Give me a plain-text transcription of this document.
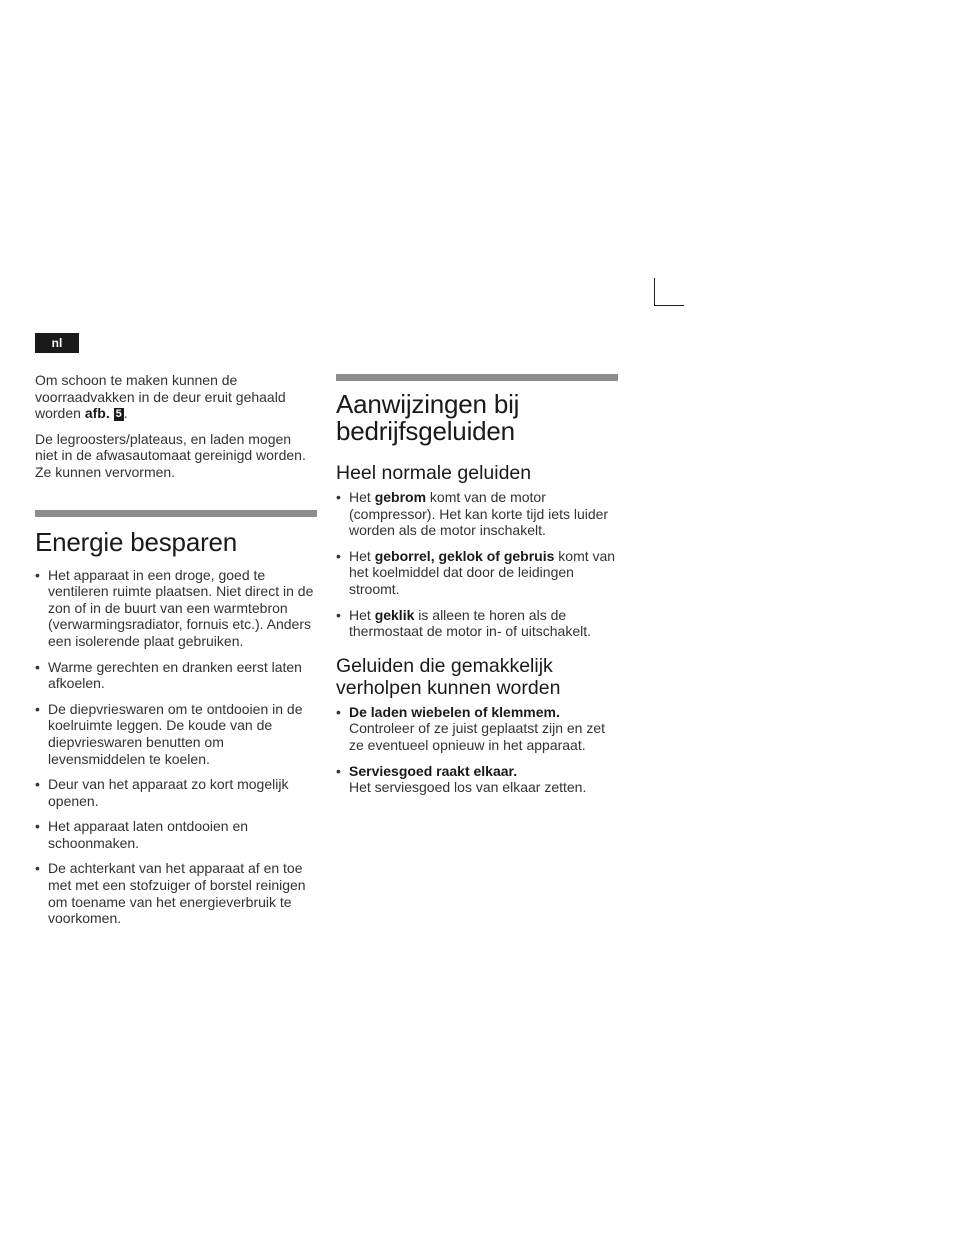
nl

Om schoon te maken kunnen de voorraadvakken in de deur eruit gehaald worden afb. 5 .

De legroosters/plateaus, en laden mogen niet in de afwasautomaat gereinigd worden. Ze kunnen vervormen.

Energie besparen
• Het apparaat in een droge, goed te ventileren ruimte plaatsen. Niet direct in de zon of in de buurt van een warmtebron (verwarmingsradiator, fornuis etc.). Anders een isolerende plaat gebruiken.
• Warme gerechten en dranken eerst laten afkoelen.
• De diepvrieswaren om te ontdooien in de koelruimte leggen. De koude van de diepvrieswaren benutten om levensmiddelen te koelen.
• Deur van het apparaat zo kort mogelijk openen.
• Het apparaat laten ontdooien en schoonmaken.
• De achterkant van het apparaat af en toe met met een stofzuiger of borstel reinigen om toename van het energieverbruik te voorkomen.
Aanwijzingen bij bedrijfsgeluiden
Heel normale geluiden
• Het gebrom komt van de motor (compressor). Het kan korte tijd iets luider worden als de motor inschakelt.
• Het geborrel, geklok of gebruis komt van het koelmiddel dat door de leidingen stroomt.
• Het geklik is alleen te horen als de thermostaat de motor in- of uitschakelt.
Geluiden die gemakkelijk verholpen kunnen worden
• De laden wiebelen of klemmem.
Controleer of ze juist geplaatst zijn en zet ze eventueel opnieuw in het apparaat.
• Serviesgoed raakt elkaar.
Het serviesgoed los van elkaar zetten.
